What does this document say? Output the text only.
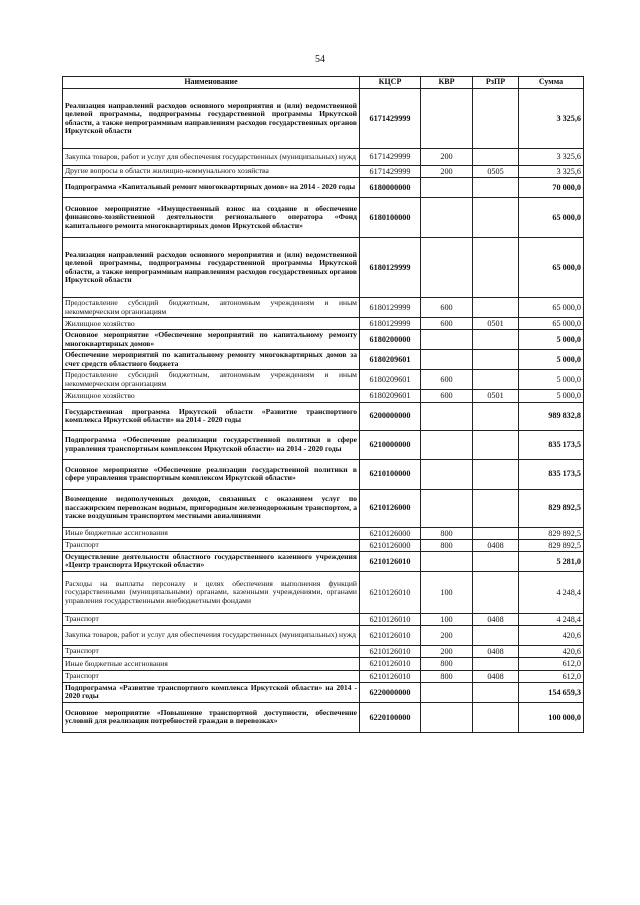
54
Наименование	КЦСР	КВР	РзПР	Сумма
Реализация направлений расходов основного мероприятия и (или) ведомственной целевой программы, подпрограммы государственной программы Иркутской области, а также непрограммным направлениям расходов государственных органов Иркутской области	6171429999			3 325,6
Закупка товаров, работ и услуг для обеспечения государственных (муниципальных) нужд	6171429999	200		3 325,6
Другие вопросы в области жилищно-коммунального хозяйства	6171429999	200	0505	3 325,6
Подпрограмма «Капитальный ремонт многоквартирных домов» на 2014 - 2020 годы	6180000000			70 000,0
Основное мероприятие «Имущественный взнос на создание и обеспечение финансово-хозяйственной деятельности регионального оператора «Фонд капитального ремонта многоквартирных домов Иркутской области»	6180100000			65 000,0
Реализация направлений расходов основного мероприятия и (или) ведомственной целевой программы, подпрограммы государственной программы Иркутской области, а также непрограммным направлениям расходов государственных органов Иркутской области	6180129999			65 000,0
Предоставление субсидий бюджетным, автономным учреждениям и иным некоммерческим организациям	6180129999	600		65 000,0
Жилищное хозяйство	6180129999	600	0501	65 000,0
Основное мероприятие «Обеспечение мероприятий по капитальному ремонту многоквартирных домов»	6180200000			5 000,0
Обеспечение мероприятий по капитальному ремонту многоквартирных домов за счет средств областного бюджета	6180209601			5 000,0
Предоставление субсидий бюджетным, автономным учреждениям и иным некоммерческим организациям	6180209601	600		5 000,0
Жилищное хозяйство	6180209601	600	0501	5 000,0
Государственная программа Иркутской области «Развитие транспортного комплекса Иркутской области» на 2014 - 2020 годы	6200000000			989 832,8
Подпрограмма «Обеспечение реализации государственной политики в сфере управления транспортным комплексом Иркутской области» на 2014 - 2020 годы	6210000000			835 173,5
Основное мероприятие «Обеспечение реализации государственной политики в сфере управления транспортным комплексом Иркутской области»	6210100000			835 173,5
Возмещение недополученных доходов, связанных с оказанием услуг по пассажирским перевозкам водным, пригородным железнодорожным транспортом, а также воздушным транспортом местными авиалиниями	6210126000			829 892,5
Иные бюджетные ассигнования	6210126000	800		829 892,5
Транспорт	6210126000	800	0408	829 892,5
Осуществление деятельности областного государственного казенного учреждения «Центр транспорта Иркутской области»	6210126010			5 281,0
Расходы на выплаты персоналу в целях обеспечения выполнения функций государственными (муниципальными) органами, казенными учреждениями, органами управления государственными внебюджетными фондами	6210126010	100		4 248,4
Транспорт	6210126010	100	0408	4 248,4
Закупка товаров, работ и услуг для обеспечения государственных (муниципальных) нужд	6210126010	200		420,6
Транспорт	6210126010	200	0408	420,6
Иные бюджетные ассигнования	6210126010	800		612,0
Транспорт	6210126010	800	0408	612,0
Подпрограмма «Развитие транспортного комплекса Иркутской области» на 2014 - 2020 годы	6220000000			154 659,3
Основное мероприятие «Повышение транспортной доступности, обеспечение условий для реализации потребностей граждан в перевозках»	6220100000			100 000,0
